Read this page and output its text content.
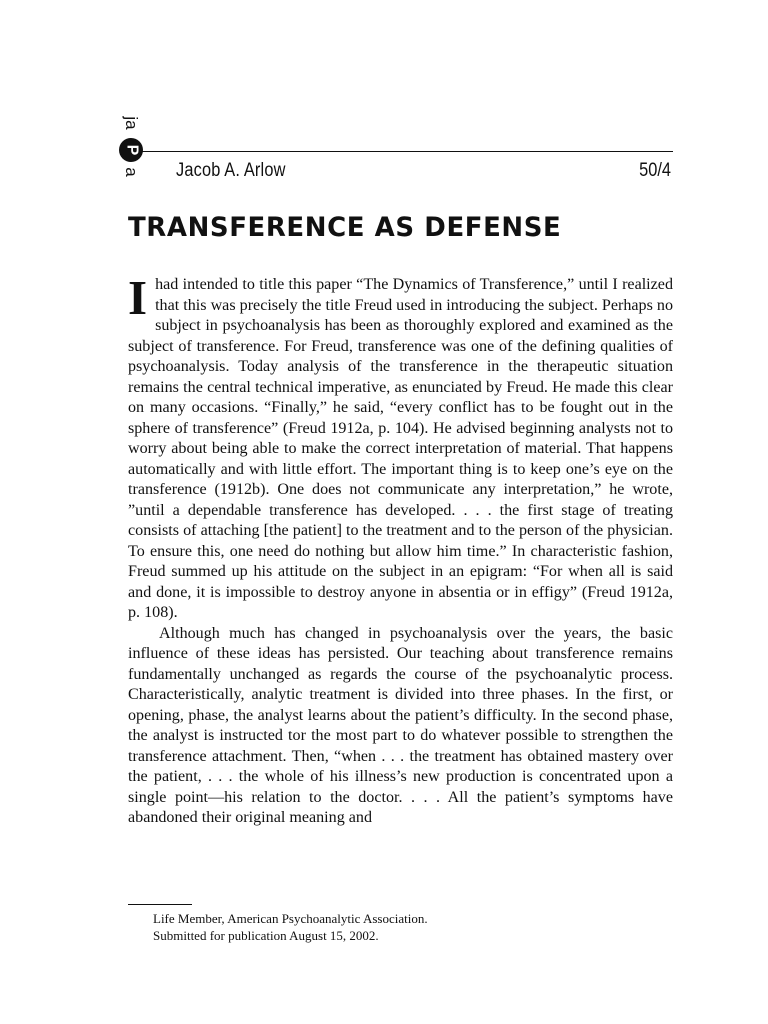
ja
a
P
Jacob A. Arlow	50/4
TRANSFERENCE AS DEFENSE

I had intended to title this paper “The Dynamics of Transference,” until I realized that this was precisely the title Freud used in introducing the subject. Perhaps no subject in psychoanalysis has been as thoroughly explored and examined as the subject of transference. For Freud, transference was one of the defining qualities of psychoanalysis. Today analysis of the transference in the therapeutic situation remains the central technical imperative, as enunciated by Freud. He made this clear on many occasions. “Finally,” he said, “every conflict has to be fought out in the sphere of transference” (Freud 1912a, p. 104). He advised beginning analysts not to worry about being able to make the correct interpretation of material. That happens automatically and with little effort. The important thing is to keep one’s eye on the transference (1912b). One does not communicate any interpretation,” he wrote, ”until a dependable transference has developed. . . . the first stage of treating consists of attaching [the patient] to the treatment and to the person of the physician. To ensure this, one need do nothing but allow him time.” In characteristic fashion, Freud summed up his attitude on the subject in an epigram: “For when all is said and done, it is impossible to destroy anyone in absentia or in effigy” (Freud 1912a, p. 108).

Although much has changed in psychoanalysis over the years, the basic influence of these ideas has persisted. Our teaching about transference remains fundamentally unchanged as regards the course of the psychoanalytic process. Characteristically, analytic treatment is divided into three phases. In the first, or opening, phase, the analyst learns about the patient’s difficulty. In the second phase, the analyst is instructed tor the most part to do whatever possible to strengthen the transference attachment. Then, “when . . . the treatment has obtained mastery over the patient, . . . the whole of his illness’s new production is concentrated upon a single point—his relation to the doctor. . . . All the patient’s symptoms have abandoned their original meaning and

Life Member, American Psychoanalytic Association.
Submitted for publication August 15, 2002.
